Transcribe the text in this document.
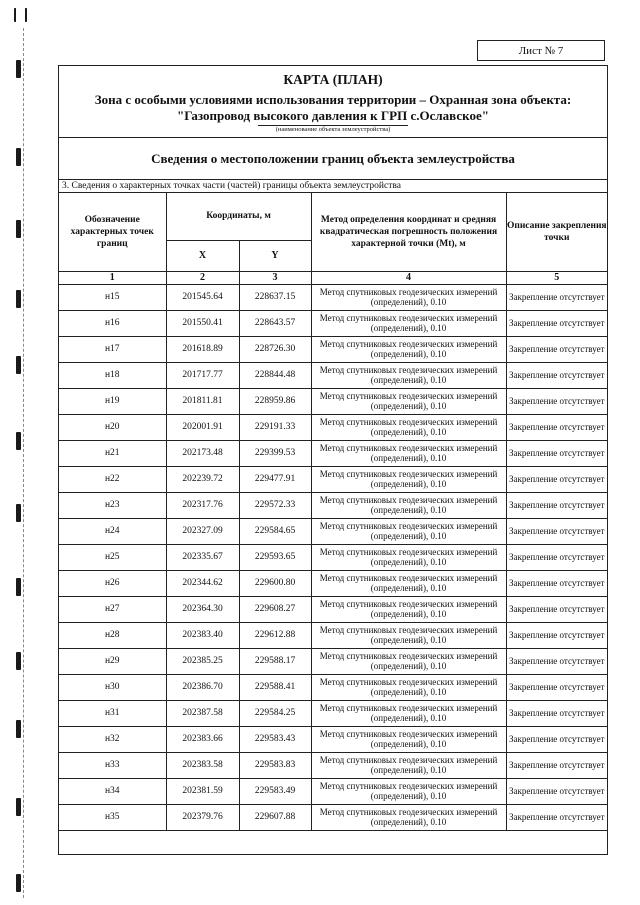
Лист № 7
КАРТА (ПЛАН)
Зона с особыми условиями использования территории – Охранная зона объекта:
"Газопровод высокого давления к ГРП с.Ославское"
(наименование объекта землеустройства)
Сведения о местоположении границ объекта землеустройства
3. Сведения о характерных точках части (частей) границы объекта землеустройства
Обозначение характерных точек границ	Координаты, м		Метод определения координат и средняя квадратическая погрешность положения характерной точки (Mt), м	Описание закрепления точки
	X	Y		
1	2	3	4	5
н15	201545.64	228637.15	Метод спутниковых геодезических измерений (определений), 0.10	Закрепление отсутствует
н16	201550.41	228643.57	Метод спутниковых геодезических измерений (определений), 0.10	Закрепление отсутствует
н17	201618.89	228726.30	Метод спутниковых геодезических измерений (определений), 0.10	Закрепление отсутствует
н18	201717.77	228844.48	Метод спутниковых геодезических измерений (определений), 0.10	Закрепление отсутствует
н19	201811.81	228959.86	Метод спутниковых геодезических измерений (определений), 0.10	Закрепление отсутствует
н20	202001.91	229191.33	Метод спутниковых геодезических измерений (определений), 0.10	Закрепление отсутствует
н21	202173.48	229399.53	Метод спутниковых геодезических измерений (определений), 0.10	Закрепление отсутствует
н22	202239.72	229477.91	Метод спутниковых геодезических измерений (определений), 0.10	Закрепление отсутствует
н23	202317.76	229572.33	Метод спутниковых геодезических измерений (определений), 0.10	Закрепление отсутствует
н24	202327.09	229584.65	Метод спутниковых геодезических измерений (определений), 0.10	Закрепление отсутствует
н25	202335.67	229593.65	Метод спутниковых геодезических измерений (определений), 0.10	Закрепление отсутствует
н26	202344.62	229600.80	Метод спутниковых геодезических измерений (определений), 0.10	Закрепление отсутствует
н27	202364.30	229608.27	Метод спутниковых геодезических измерений (определений), 0.10	Закрепление отсутствует
н28	202383.40	229612.88	Метод спутниковых геодезических измерений (определений), 0.10	Закрепление отсутствует
н29	202385.25	229588.17	Метод спутниковых геодезических измерений (определений), 0.10	Закрепление отсутствует
н30	202386.70	229588.41	Метод спутниковых геодезических измерений (определений), 0.10	Закрепление отсутствует
н31	202387.58	229584.25	Метод спутниковых геодезических измерений (определений), 0.10	Закрепление отсутствует
н32	202383.66	229583.43	Метод спутниковых геодезических измерений (определений), 0.10	Закрепление отсутствует
н33	202383.58	229583.83	Метод спутниковых геодезических измерений (определений), 0.10	Закрепление отсутствует
н34	202381.59	229583.49	Метод спутниковых геодезических измерений (определений), 0.10	Закрепление отсутствует
н35	202379.76	229607.88	Метод спутниковых геодезических измерений (определений), 0.10	Закрепление отсутствует
